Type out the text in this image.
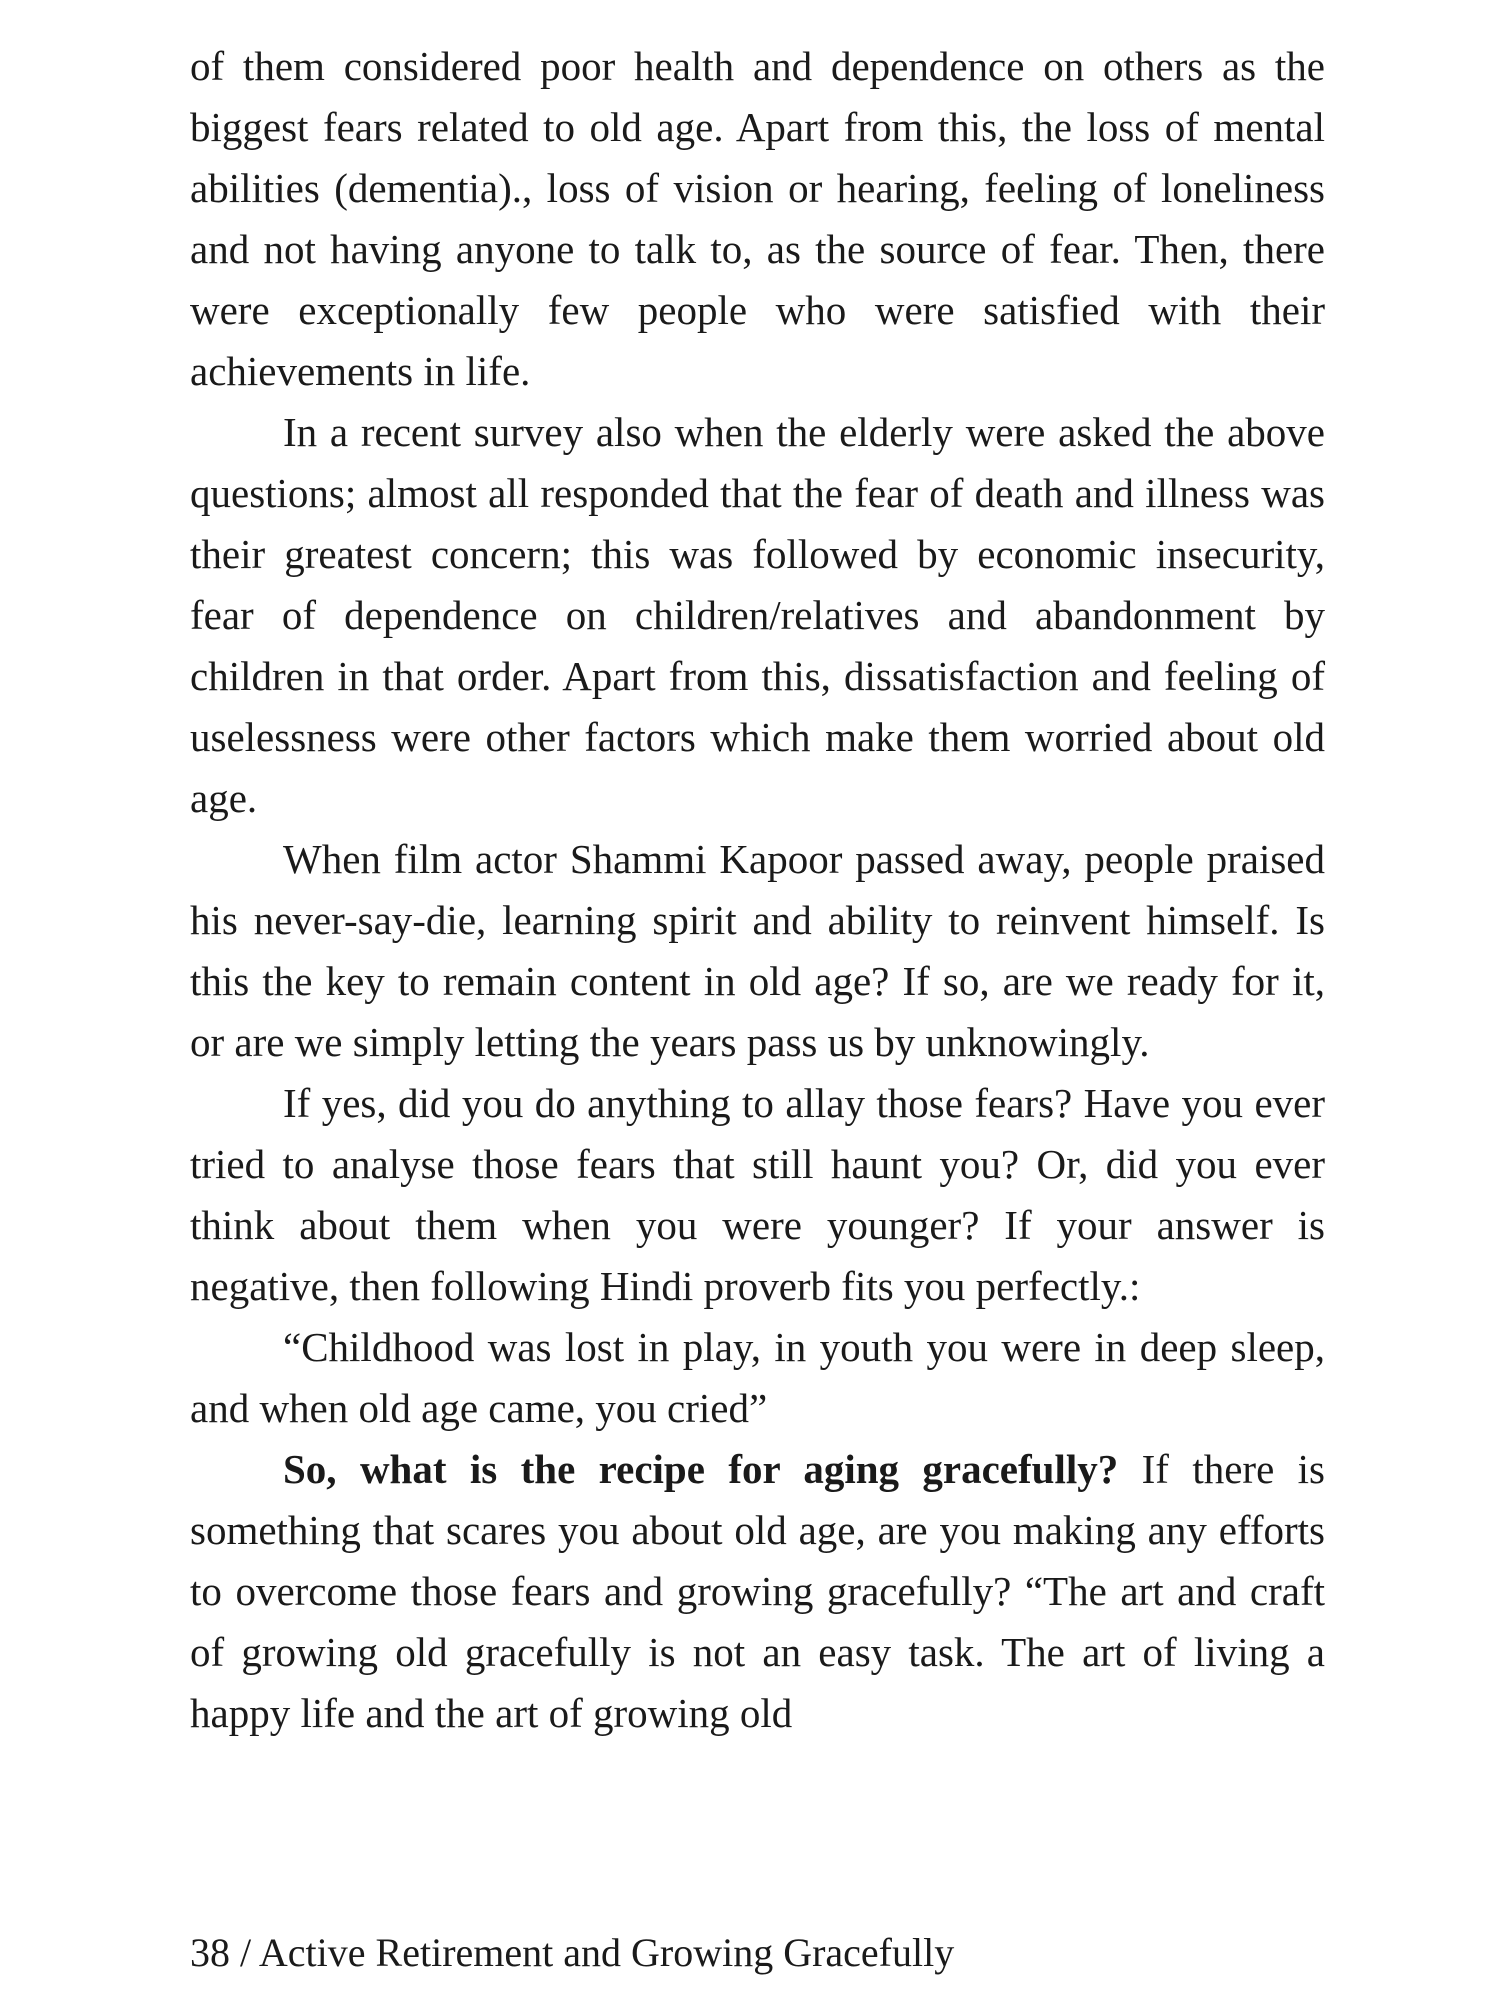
of them considered poor health and dependence on others as the biggest fears related to old age. Apart from this, the loss of mental abilities (dementia)., loss of vision or hearing, feeling of loneliness and not having anyone to talk to, as the source of fear. Then, there were exceptionally few people who were satisfied with their achievements in life.

In a recent survey also when the elderly were asked the above questions; almost all responded that the fear of death and illness was their greatest concern; this was followed by economic insecurity, fear of dependence on children/relatives and abandonment by children in that order. Apart from this, dissatisfaction and feeling of uselessness were other factors which make them worried about old age.

When film actor Shammi Kapoor passed away, people praised his never-say-die, learning spirit and ability to reinvent himself. Is this the key to remain content in old age? If so, are we ready for it, or are we simply letting the years pass us by unknowingly.

If yes, did you do anything to allay those fears? Have you ever tried to analyse those fears that still haunt you? Or, did you ever think about them when you were younger? If your answer is negative, then following Hindi proverb fits you perfectly.:

“Childhood was lost in play, in youth you were in deep sleep, and when old age came, you cried”

So, what is the recipe for aging gracefully? If there is something that scares you about old age, are you making any efforts to overcome those fears and growing gracefully? “The art and craft of growing old gracefully is not an easy task. The art of living a happy life and the art of growing old

38 / Active Retirement and Growing Gracefully
